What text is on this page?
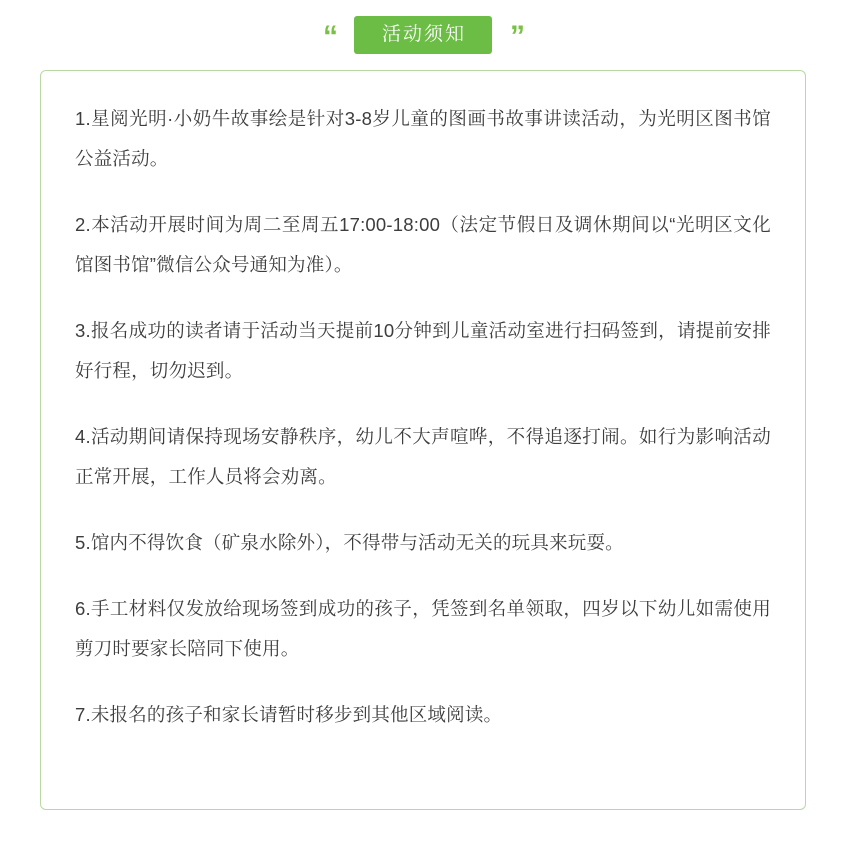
“	活动须知	”

1.星阅光明·小奶牛故事绘是针对3-8岁儿童的图画书故事讲读活动，为光明区图书馆公益活动。

2.本活动开展时间为周二至周五17:00-18:00（法定节假日及调休期间以“光明区文化馆图书馆”微信公众号通知为准）。

3.报名成功的读者请于活动当天提前10分钟到儿童活动室进行扫码签到，请提前安排好行程，切勿迟到。

4.活动期间请保持现场安静秩序，幼儿不大声喧哗，不得追逐打闹。如行为影响活动正常开展，工作人员将会劝离。

5.馆内不得饮食（矿泉水除外），不得带与活动无关的玩具来玩耍。

6.手工材料仅发放给现场签到成功的孩子，凭签到名单领取，四岁以下幼儿如需使用剪刀时要家长陪同下使用。

7.未报名的孩子和家长请暂时移步到其他区域阅读。
